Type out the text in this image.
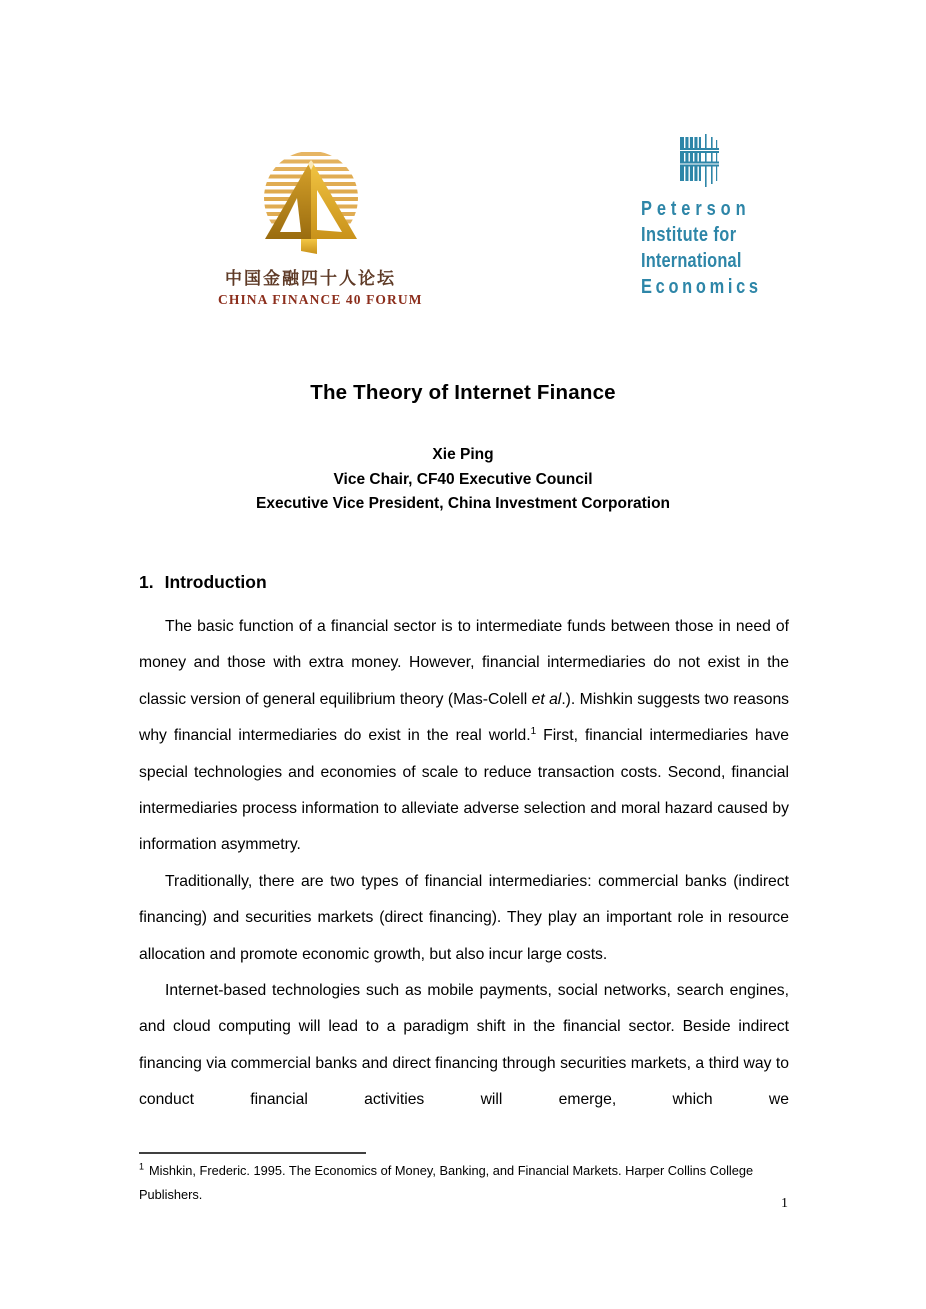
中国金融四十人论坛
CHINA FINANCE 40 FORUM
Peterson
Institute for
International
Economics
The Theory of Internet Finance
Xie Ping
Vice Chair, CF40 Executive Council
Executive Vice President, China Investment Corporation
1. Introduction

The basic function of a financial sector is to intermediate funds between those in need of money and those with extra money. However, financial intermediaries do not exist in the classic version of general equilibrium theory (Mas-Colell et al.). Mishkin suggests two reasons why financial intermediaries do exist in the real world.$^1$ First, financial intermediaries have special technologies and economies of scale to reduce transaction costs. Second, financial intermediaries process information to alleviate adverse selection and moral hazard caused by information asymmetry.

Traditionally, there are two types of financial intermediaries: commercial banks (indirect financing) and securities markets (direct financing). They play an important role in resource allocation and promote economic growth, but also incur large costs.

Internet-based technologies such as mobile payments, social networks, search engines, and cloud computing will lead to a paradigm shift in the financial sector. Beside indirect financing via commercial banks and direct financing through securities markets, a third way to conduct financial activities will emerge, which we

$^1$ Mishkin, Frederic. 1995. The Economics of Money, Banking, and Financial Markets. Harper Collins College Publishers.
1
